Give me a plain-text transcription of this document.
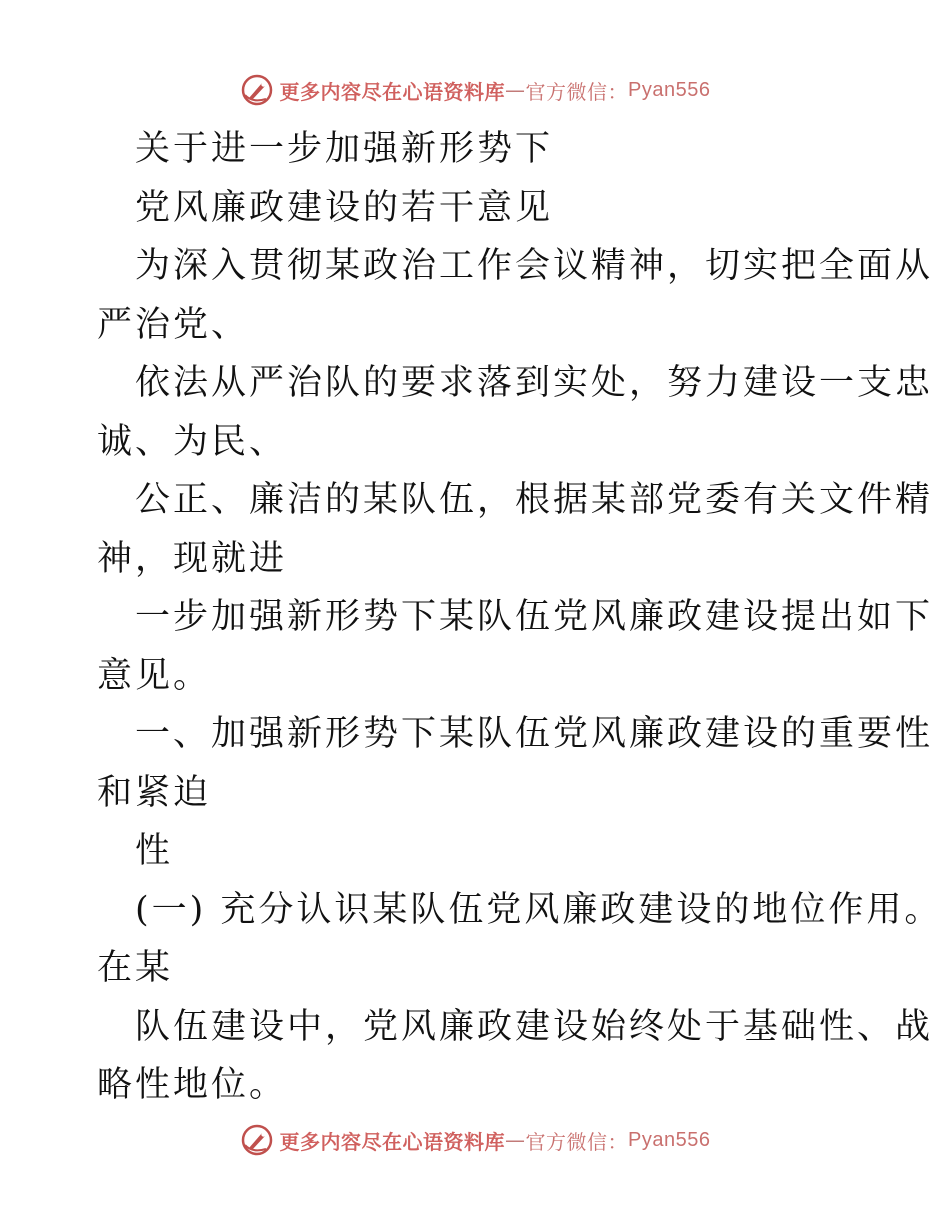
更多内容尽在心语资料库 — 官方微信： Pyan556
关于进一步加强新形势下
党风廉政建设的若干意见
为深入贯彻某政治工作会议精神，切实把全面从
严治党、
依法从严治队的要求落到实处，努力建设一支忠
诚、为民、
公正、廉洁的某队伍，根据某部党委有关文件精
神，现就进
一步加强新形势下某队伍党风廉政建设提出如下
意见。
一、加强新形势下某队伍党风廉政建设的重要性
和紧迫
性
(一) 充分认识某队伍党风廉政建设的地位作用。
在某
队伍建设中，党风廉政建设始终处于基础性、战
略性地位。
更多内容尽在心语资料库 — 官方微信： Pyan556
